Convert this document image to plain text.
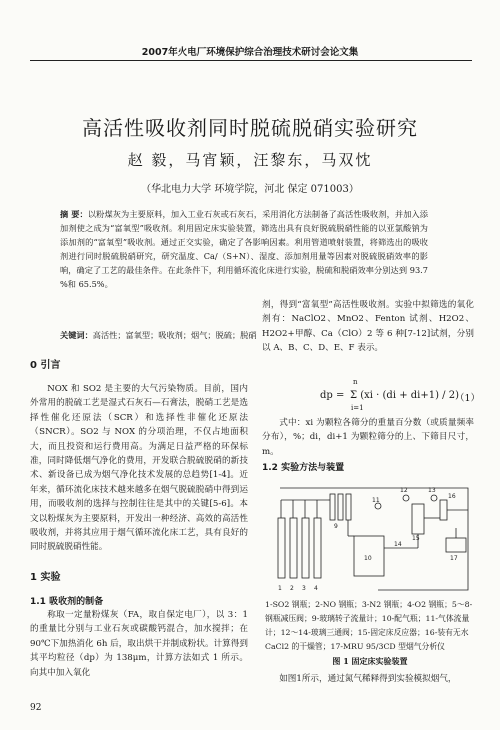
2007年火电厂环境保护综合治理技术研讨会论文集
高活性吸收剂同时脱硫脱硝实验研究
赵 毅，马宵颖，汪黎东，马双忱
（华北电力大学 环境学院，河北 保定 071003）
摘 要：以粉煤灰为主要原料，加入工业石灰或石灰石，采用消化方法制备了高活性吸收剂，并加入添加剂使之成为“富氧型”吸收剂。利用固定床实验装置，筛选出具有良好脱硫脱硝性能的以亚氯酸钠为添加剂的“富氧型”吸收剂。通过正交实验，确定了各影响因素。利用管道喷射装置，将筛选出的吸收剂进行同时脱硫脱硝研究，研究温度、Ca/（S+N）、湿度、添加剂用量等因素对脱硫脱硝效率的影响，确定了工艺的最佳条件。在此条件下，利用循环流化床进行实验，脱硫和脱硝效率分别达到 93.7 %和 65.5%。
关键词：高活性；富氧型；吸收剂；烟气；脱硫；脱硝
0 引言

NOX 和 SO2 是主要的大气污染物质。目前，国内外常用的脱硫工艺是湿式石灰石—石膏法，脱硝工艺是选择性催化还原法（SCR）和选择性非催化还原法（SNCR）。SO2 与 NOX 的分项治理，不仅占地面积大，而且投资和运行费用高。为满足日益严格的环保标准，同时降低烟气净化的费用，开发联合脱硫脱硝的新技术、新设备已成为烟气净化技术发展的总趋势[1-4]。近年来，循环流化床技术越来越多在烟气脱硫脱硝中得到运用，而吸收剂的选择与控制往往是其中的关键[5-6]。本文以粉煤灰为主要原料，开发出一种经济、高效的高活性吸收剂，并将其应用于烟气循环流化床工艺，具有良好的同时脱硫脱硝性能。

1 实验
1.1 吸收剂的制备

称取一定量粉煤灰（FA，取自保定电厂），以 3：1 的重量比分别与工业石灰或碳酸钙混合，加水搅拌；在 90℃下加热消化 6h 后，取出烘干并制成粉状。计算得到其平均粒径（dp）为 138μm，计算方法如式 1 所示。向其中加入氧化

剂，得到“富氧型”高活性吸收剂。实验中拟筛选的氧化剂有：NaClO2、MnO2、Fenton 试剂、H2O2、H2O2+甲醇、Ca（ClO）2 等 6 种[7-12]试剂，分别以 A、B、C、D、E、F 表示。

dp =
n
Σ (xi · (di + di+1) / 2)
i=1
（1）

式中：xi 为颗粒各筛分的重量百分数（或质量频率分布），%；di，di+1 为颗粒筛分的上、下筛目尺寸，m。

1.2 实验方法与装置
1 2 3 4
9
10
11
12	13
14
15
16
17
1-SO2 钢瓶；2-NO 钢瓶；3-N2 钢瓶；4-O2 钢瓶；5～8-钢瓶减压阀；9-玻璃转子流量计；10-配气瓶；11-气体流量计；12～14-玻璃三通阀；15-固定床反应器；16-装有无水 CaCl2 的干燥管；17-MRU 95/3CD 型烟气分析仪
图 1 固定床实验装置

如图1所示，通过氮气稀释得到实验模拟烟气，

92
